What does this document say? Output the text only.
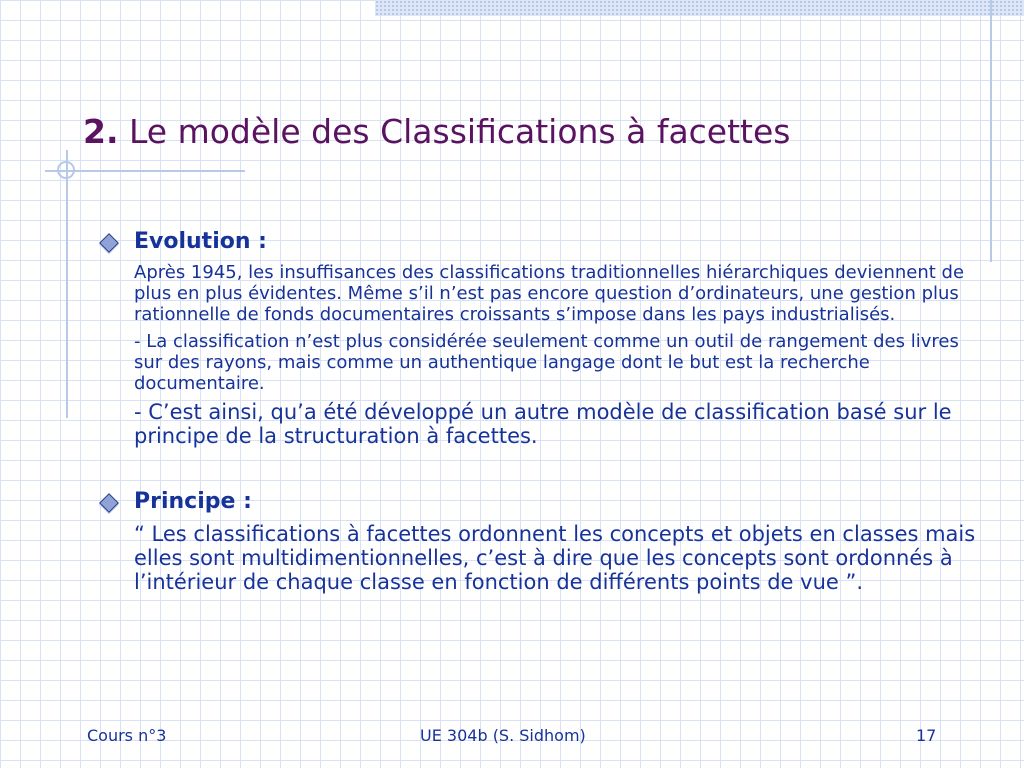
2. Le modèle des Classifications à facettes
Evolution :

Après 1945, les insuffisances des classifications traditionnelles hiérarchiques deviennent de plus en plus évidentes. Même s’il n’est pas encore question d’ordinateurs, une gestion plus rationnelle de fonds documentaires croissants s’impose dans les pays industrialisés.

- La classification n’est plus considérée seulement comme un outil de rangement des livres sur des rayons, mais comme un authentique langage dont le but est la recherche documentaire.

- C’est ainsi, qu’a été développé un autre modèle de classification basé sur le principe de la structuration à facettes.

Principe :

“ Les classifications à facettes ordonnent les concepts et objets en classes mais elles sont multidimentionnelles, c’est à dire que les concepts sont ordonnés à l’intérieur de chaque classe en fonction de différents points de vue ”.

Cours n°3	UE 304b (S. Sidhom)	17
